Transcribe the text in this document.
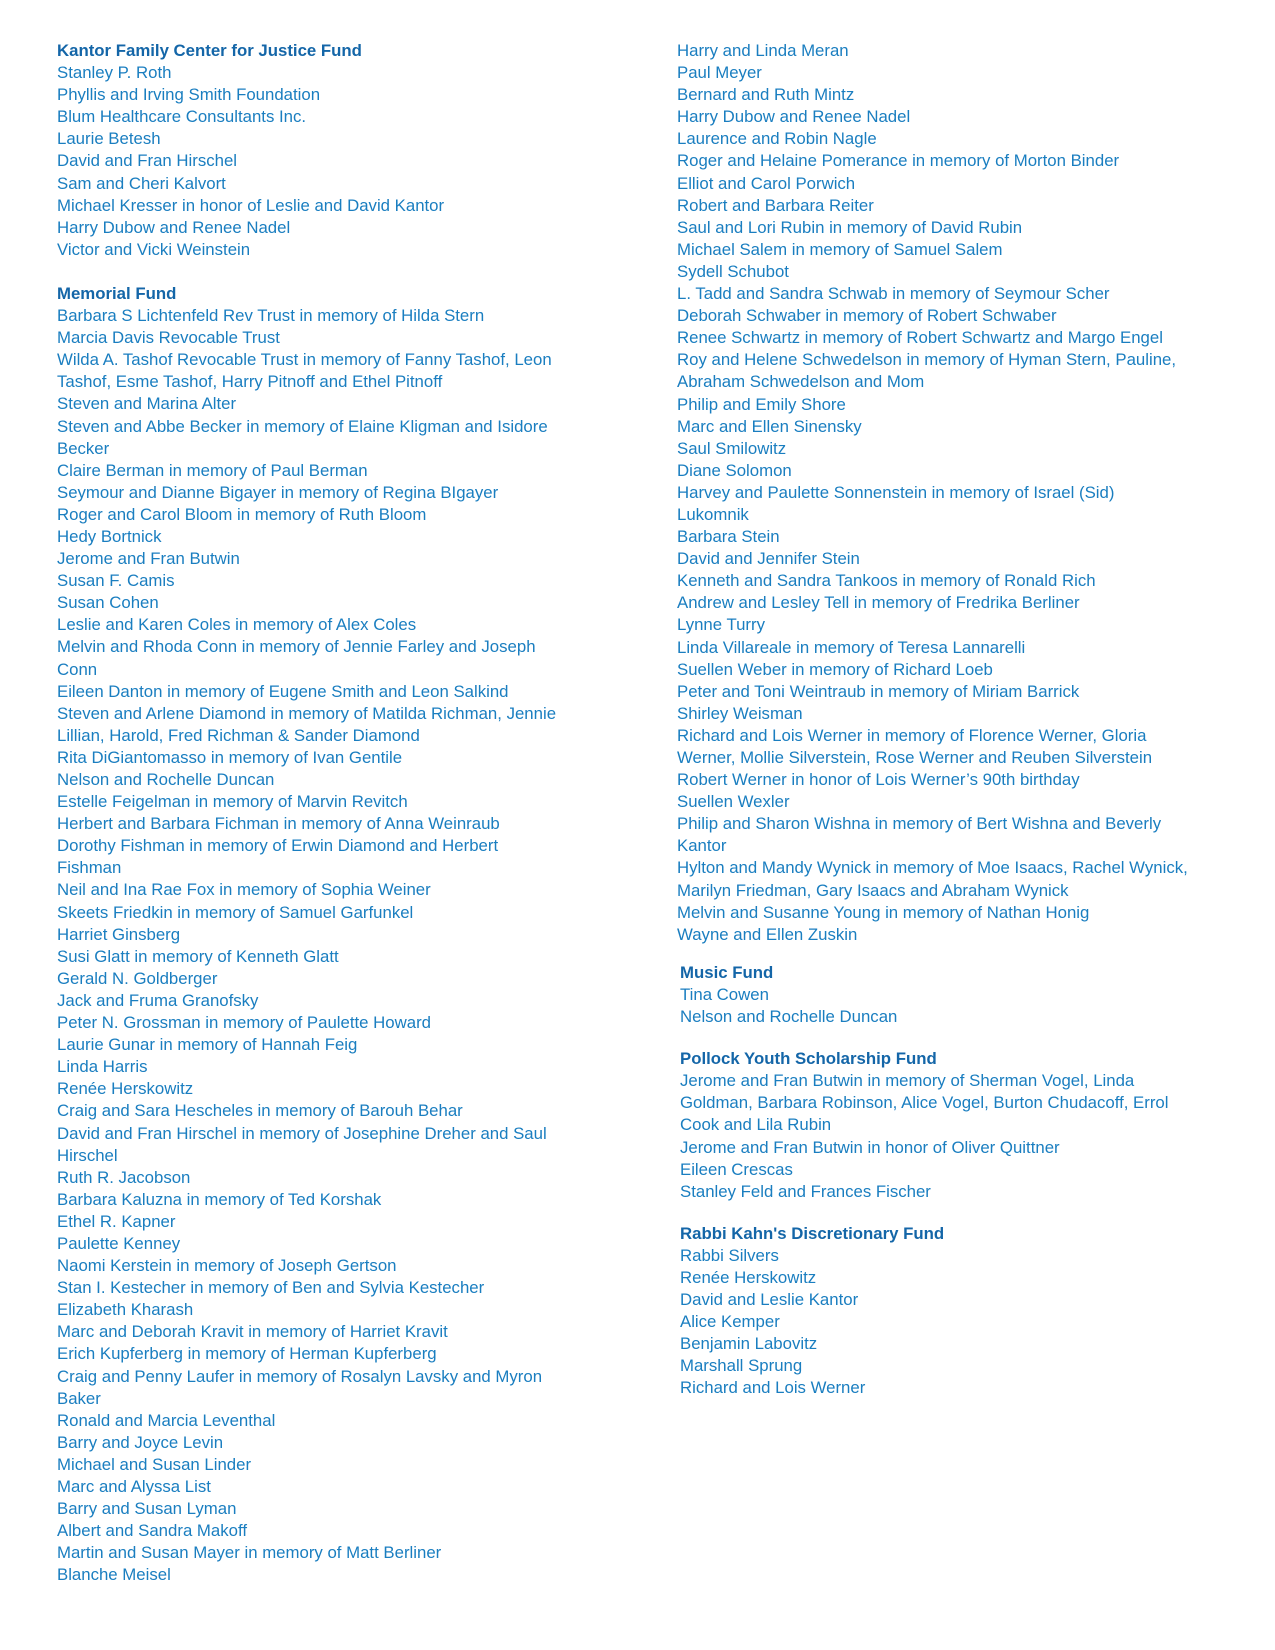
Kantor Family Center for Justice Fund

Stanley P. Roth

Phyllis and Irving Smith Foundation

Blum Healthcare Consultants Inc.

Laurie Betesh

David and Fran Hirschel

Sam and Cheri Kalvort

Michael Kresser in honor of Leslie and David Kantor

Harry Dubow and Renee Nadel

Victor and Vicki Weinstein

Memorial Fund

Barbara S Lichtenfeld Rev Trust in memory of Hilda Stern

Marcia Davis Revocable Trust

Wilda A. Tashof Revocable Trust in memory of Fanny Tashof, Leon

Tashof, Esme Tashof, Harry Pitnoff and Ethel Pitnoff

Steven and Marina Alter

Steven and Abbe Becker in memory of Elaine Kligman and Isidore

Becker

Claire Berman in memory of Paul Berman

Seymour and Dianne Bigayer in memory of Regina BIgayer

Roger and Carol Bloom in memory of Ruth Bloom

Hedy Bortnick

Jerome and Fran Butwin

Susan F. Camis

Susan Cohen

Leslie and Karen Coles in memory of Alex Coles

Melvin and Rhoda Conn in memory of Jennie Farley and Joseph

Conn

Eileen Danton in memory of Eugene Smith and Leon Salkind

Steven and Arlene Diamond in memory of Matilda Richman, Jennie

Lillian, Harold, Fred Richman & Sander Diamond

Rita DiGiantomasso in memory of Ivan Gentile

Nelson and Rochelle Duncan

Estelle Feigelman in memory of Marvin Revitch

Herbert and Barbara Fichman in memory of Anna Weinraub

Dorothy Fishman in memory of Erwin Diamond and Herbert

Fishman

Neil and Ina Rae Fox in memory of Sophia Weiner

Skeets Friedkin in memory of Samuel Garfunkel

Harriet Ginsberg

Susi Glatt in memory of Kenneth Glatt

Gerald N. Goldberger

Jack and Fruma Granofsky

Peter N. Grossman in memory of Paulette Howard

Laurie Gunar in memory of Hannah Feig

Linda Harris

Renée Herskowitz

Craig and Sara Hescheles in memory of Barouh Behar

David and Fran Hirschel in memory of Josephine Dreher and Saul

Hirschel

Ruth R. Jacobson

Barbara Kaluzna in memory of Ted Korshak

Ethel R. Kapner

Paulette Kenney

Naomi Kerstein in memory of Joseph Gertson

Stan I. Kestecher in memory of Ben and Sylvia Kestecher

Elizabeth Kharash

Marc and Deborah Kravit in memory of Harriet Kravit

Erich Kupferberg in memory of Herman Kupferberg

Craig and Penny Laufer in memory of Rosalyn Lavsky and Myron

Baker

Ronald and Marcia Leventhal

Barry and Joyce Levin

Michael and Susan Linder

Marc and Alyssa List

Barry and Susan Lyman

Albert and Sandra Makoff

Martin and Susan Mayer in memory of Matt Berliner

Blanche Meisel

Harry and Linda Meran

Paul Meyer

Bernard and Ruth Mintz

Harry Dubow and Renee Nadel

Laurence and Robin Nagle

Roger and Helaine Pomerance in memory of Morton Binder

Elliot and Carol Porwich

Robert and Barbara Reiter

Saul and Lori Rubin in memory of David Rubin

Michael Salem in memory of Samuel Salem

Sydell Schubot

L. Tadd and Sandra Schwab in memory of Seymour Scher

Deborah Schwaber in memory of Robert Schwaber

Renee Schwartz in memory of Robert Schwartz and Margo Engel

Roy and Helene Schwedelson in memory of Hyman Stern, Pauline,

Abraham Schwedelson and Mom

Philip and Emily Shore

Marc and Ellen Sinensky

Saul Smilowitz

Diane Solomon

Harvey and Paulette Sonnenstein in memory of Israel (Sid)

Lukomnik

Barbara Stein

David and Jennifer Stein

Kenneth and Sandra Tankoos in memory of Ronald Rich

Andrew and Lesley Tell in memory of Fredrika Berliner

Lynne Turry

Linda Villareale in memory of Teresa Lannarelli

Suellen Weber in memory of Richard Loeb

Peter and Toni Weintraub in memory of Miriam Barrick

Shirley Weisman

Richard and Lois Werner in memory of Florence Werner, Gloria

Werner, Mollie Silverstein, Rose Werner and Reuben Silverstein

Robert Werner in honor of Lois Werner’s 90th birthday

Suellen Wexler

Philip and Sharon Wishna in memory of Bert Wishna and Beverly

Kantor

Hylton and Mandy Wynick in memory of Moe Isaacs, Rachel Wynick,

Marilyn Friedman, Gary Isaacs and Abraham Wynick

Melvin and Susanne Young in memory of Nathan Honig

Wayne and Ellen Zuskin

Music Fund

Tina Cowen

Nelson and Rochelle Duncan

Pollock Youth Scholarship Fund

Jerome and Fran Butwin in memory of Sherman Vogel, Linda

Goldman, Barbara Robinson, Alice Vogel, Burton Chudacoff, Errol

Cook and Lila Rubin

Jerome and Fran Butwin in honor of Oliver Quittner

Eileen Crescas

Stanley Feld and Frances Fischer

Rabbi Kahn's Discretionary Fund

Rabbi Silvers

Renée Herskowitz

David and Leslie Kantor

Alice Kemper

Benjamin Labovitz

Marshall Sprung

Richard and Lois Werner
